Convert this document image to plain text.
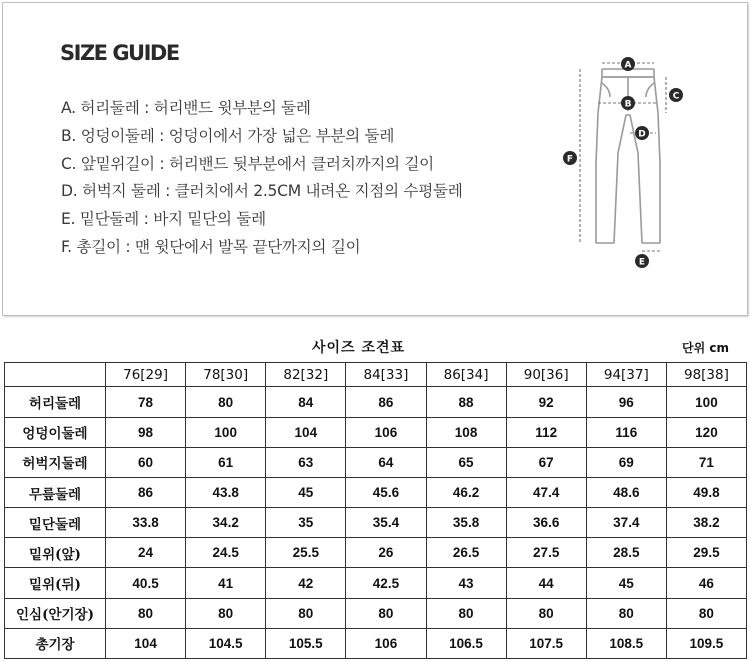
SIZE GUIDE
A. 허리둘레 : 허리밴드 윗부분의 둘레
B. 엉덩이둘레 : 엉덩이에서 가장 넓은 부분의 둘레
C. 앞밑위길이 : 허리밴드 뒷부분에서 클러치까지의 길이
D. 허벅지 둘레 : 클러치에서 2.5CM 내려온 지점의 수평둘레
E. 밑단둘레 : 바지 밑단의 둘레
F. 총길이 : 맨 윗단에서 발목 끝단까지의 길이
A
B
C
D
E
F
사이즈 조견표	단위 cm
	76[29]	78[30]	82[32]	84[33]	86[34]	90[36]	94[37]	98[38]
허리둘레	78	80	84	86	88	92	96	100
엉덩이둘레	98	100	104	106	108	112	116	120
허벅지둘레	60	61	63	64	65	67	69	71
무릎둘레	86	43.8	45	45.6	46.2	47.4	48.6	49.8
밑단둘레	33.8	34.2	35	35.4	35.8	36.6	37.4	38.2
밑위(앞)	24	24.5	25.5	26	26.5	27.5	28.5	29.5
밑위(뒤)	40.5	41	42	42.5	43	44	45	46
인심(안기장)	80	80	80	80	80	80	80	80
총기장	104	104.5	105.5	106	106.5	107.5	108.5	109.5
